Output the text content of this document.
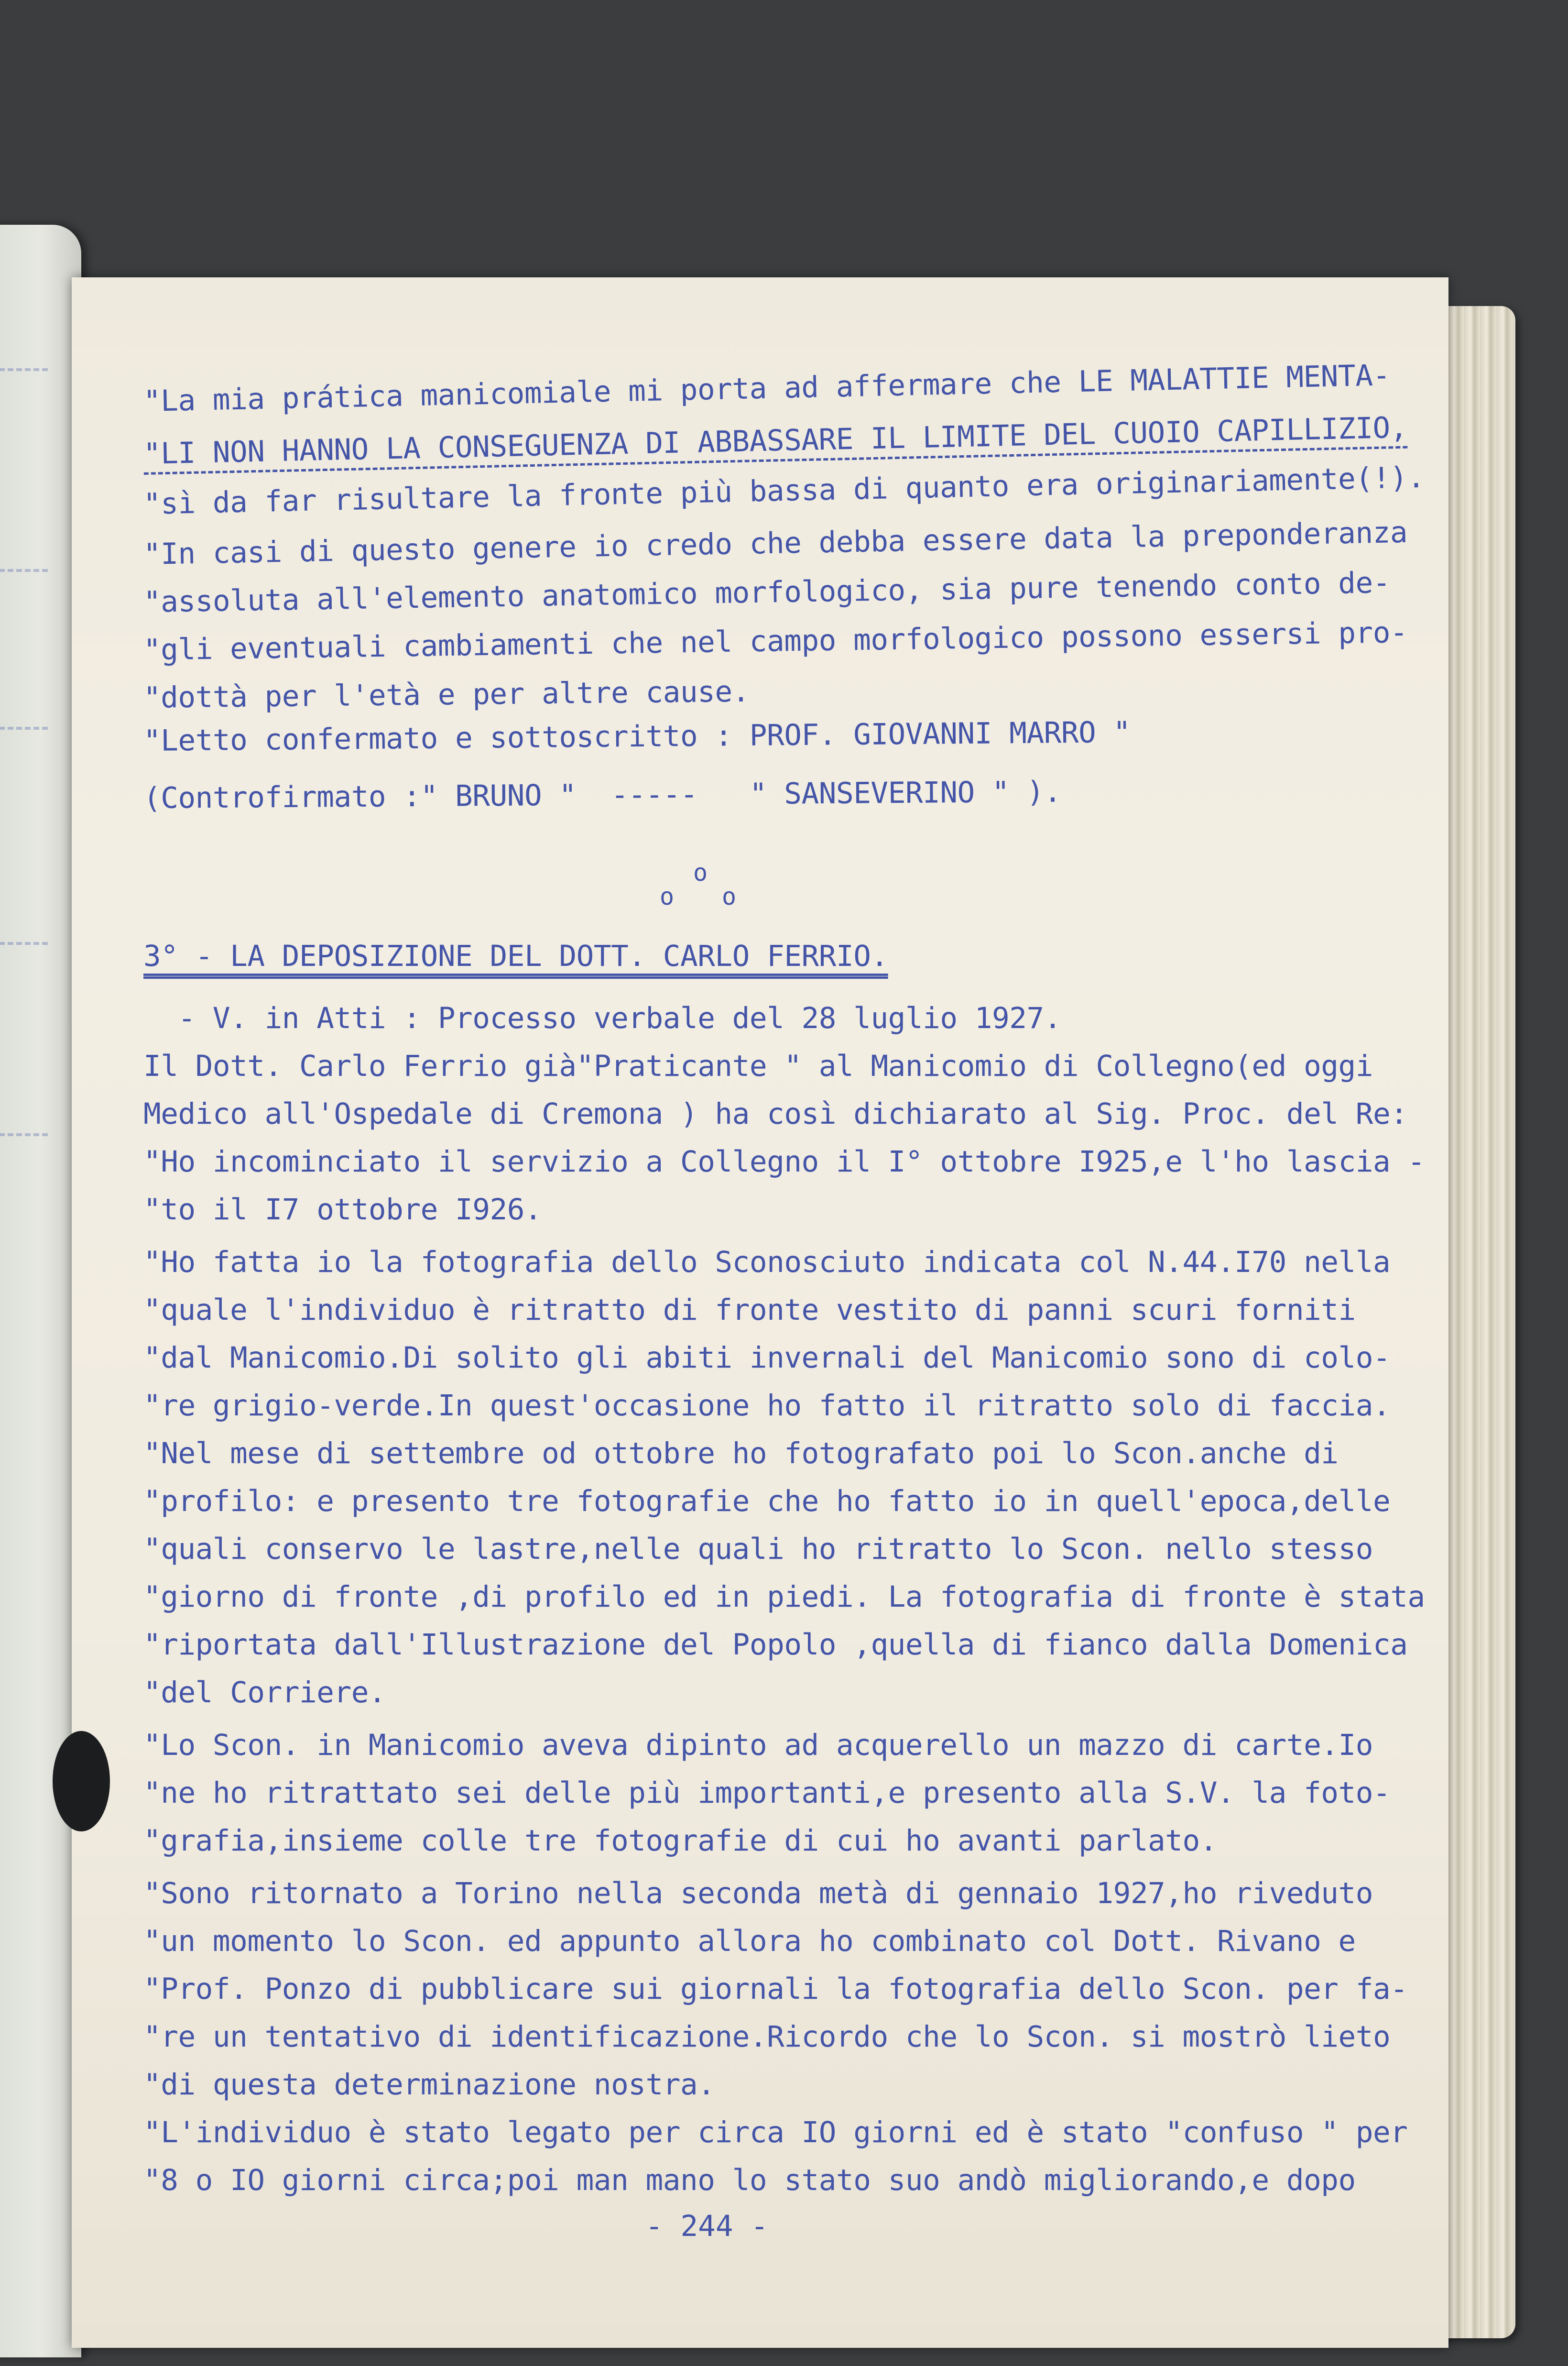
"La mia prática manicomiale mi porta ad affermare che LE MALATTIE MENTA-
"LI NON HANNO LA CONSEGUENZA DI ABBASSARE IL LIMITE DEL CUOIO CAPILLIZIO,
"sì da far risultare la fronte più bassa di quanto era originariamente(!).
"In casi di questo genere io credo che debba essere data la preponderanza
"assoluta all'elemento anatomico morfologico, sia pure tenendo conto de-
"gli eventuali cambiamenti che nel campo morfologico possono essersi pro-
"dottà per l'età e per altre cause.
"Letto confermato e sottoscritto : PROF. GIOVANNI MARRO "
(Controfirmato :" BRUNO "  -----   " SANSEVERINO " ).
o
o o
3° - LA DEPOSIZIONE DEL DOTT. CARLO FERRIO.
- V. in Atti : Processo verbale del 28 luglio 1927.
Il Dott. Carlo Ferrio già"Praticante " al Manicomio di Collegno(ed oggi
Medico all'Ospedale di Cremona ) ha così dichiarato al Sig. Proc. del Re:
"Ho incominciato il servizio a Collegno il I° ottobre I925,e l'ho lascia -
"to il I7 ottobre I926.
"Ho fatta io la fotografia dello Sconosciuto indicata col N.44.I70 nella
"quale l'individuo è ritratto di fronte vestito di panni scuri forniti
"dal Manicomio.Di solito gli abiti invernali del Manicomio sono di colo-
"re grigio-verde.In quest'occasione ho fatto il ritratto solo di faccia.
"Nel mese di settembre od ottobre ho fotografato poi lo Scon.anche di
"profilo: e presento tre fotografie che ho fatto io in quell'epoca,delle
"quali conservo le lastre,nelle quali ho ritratto lo Scon. nello stesso
"giorno di fronte ,di profilo ed in piedi. La fotografia di fronte è stata
"riportata dall'Illustrazione del Popolo ,quella di fianco dalla Domenica
"del Corriere.
"Lo Scon. in Manicomio aveva dipinto ad acquerello un mazzo di carte.Io
"ne ho ritrattato sei delle più importanti,e presento alla S.V. la foto-
"grafia,insieme colle tre fotografie di cui ho avanti parlato.
"Sono ritornato a Torino nella seconda metà di gennaio 1927,ho riveduto
"un momento lo Scon. ed appunto allora ho combinato col Dott. Rivano e
"Prof. Ponzo di pubblicare sui giornali la fotografia dello Scon. per fa-
"re un tentativo di identificazione.Ricordo che lo Scon. si mostrò lieto
"di questa determinazione nostra.
"L'individuo è stato legato per circa IO giorni ed è stato "confuso " per
"8 o IO giorni circa;poi man mano lo stato suo andò migliorando,e dopo
- 244 -
